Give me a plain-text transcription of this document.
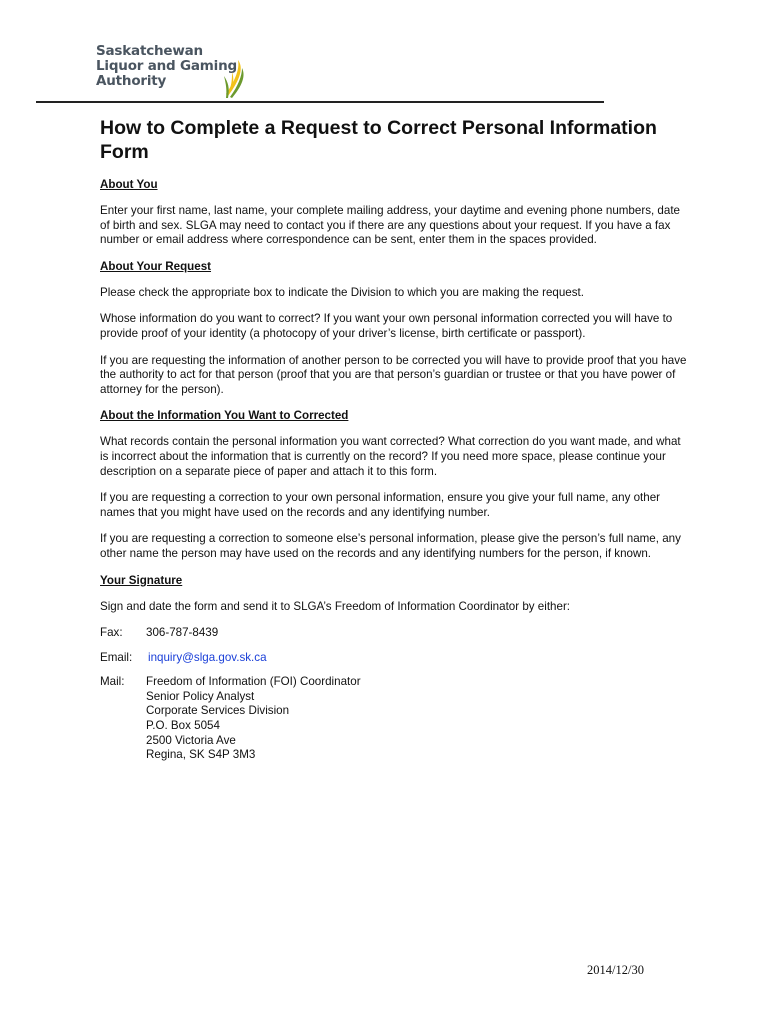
Saskatchewan
Liquor and Gaming
Authority
How to Complete a Request to Correct Personal Information Form
About You

Enter your first name, last name, your complete mailing address, your daytime and evening phone numbers, date of birth and sex. SLGA may need to contact you if there are any questions about your request. If you have a fax number or email address where correspondence can be sent, enter them in the spaces provided.

About Your Request

Please check the appropriate box to indicate the Division to which you are making the request.

Whose information do you want to correct? If you want your own personal information corrected you will have to provide proof of your identity (a photocopy of your driver’s license, birth certificate or passport).

If you are requesting the information of another person to be corrected you will have to provide proof that you have the authority to act for that person (proof that you are that person’s guardian or trustee or that you have power of attorney for the person).

About the Information You Want to Corrected

What records contain the personal information you want corrected? What correction do you want made, and what is incorrect about the information that is currently on the record? If you need more space, please continue your description on a separate piece of paper and attach it to this form.

If you are requesting a correction to your own personal information, ensure you give your full name, any other names that you might have used on the records and any identifying number.

If you are requesting a correction to someone else’s personal information, please give the person’s full name, any other name the person may have used on the records and any identifying numbers for the person, if known.

Your Signature

Sign and date the form and send it to SLGA’s Freedom of Information Coordinator by either:

Fax:	306-787-8439
Email:	inquiry@slga.gov.sk.ca
Mail:	Freedom of Information (FOI) Coordinator
Senior Policy Analyst
Corporate Services Division
P.O. Box 5054
2500 Victoria Ave
Regina, SK S4P 3M3
2014/12/30
